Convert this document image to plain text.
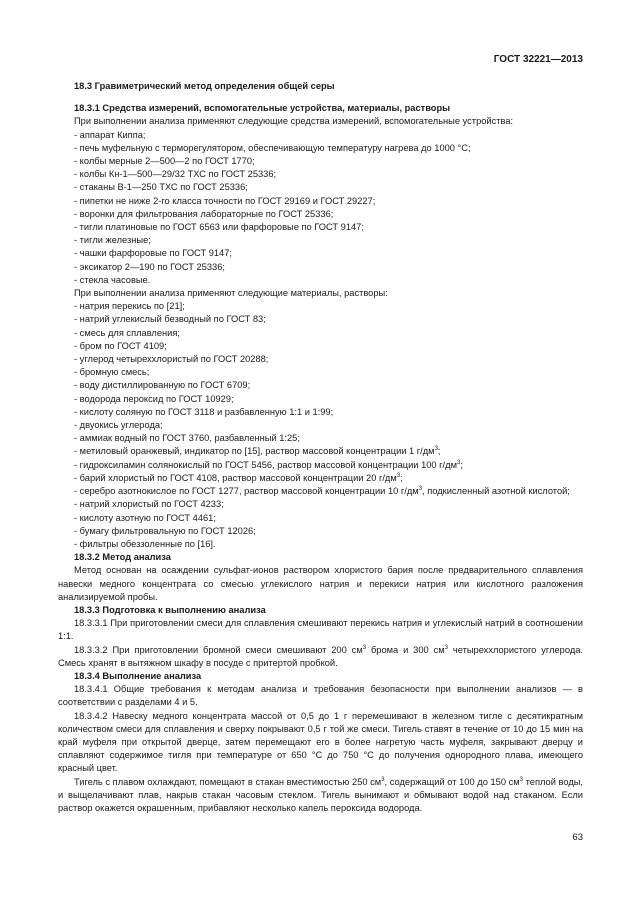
ГОСТ 32221—2013
18.3 Гравиметрический метод определения общей серы
18.3.1 Средства измерений, вспомогательные устройства, материалы, растворы
При выполнении анализа применяют следующие средства измерений, вспомогательные устройства:
- аппарат Киппа;
- печь муфельную с терморегулятором, обеспечивающую температуру нагрева до 1000 °С;
- колбы мерные 2—500—2 по ГОСТ 1770;
- колбы Кн-1—500—29/32 ТХС по ГОСТ 25336;
- стаканы В-1—250 ТХС по ГОСТ 25336;
- пипетки не ниже 2-го класса точности по ГОСТ 29169 и ГОСТ 29227;
- воронки для фильтрования лабораторные по ГОСТ 25336;
- тигли платиновые по ГОСТ 6563 или фарфоровые по ГОСТ 9147;
- тигли железные;
- чашки фарфоровые по ГОСТ 9147;
- эксикатор 2—190 по ГОСТ 25336;
- стекла часовые.
При выполнении анализа применяют следующие материалы, растворы:
- натрия перекись по [21];
- натрий углекислый безводный по ГОСТ 83;
- смесь для сплавления;
- бром по ГОСТ 4109;
- углерод четыреххлористый по ГОСТ 20288;
- бромную смесь;
- воду дистиллированную по ГОСТ 6709;
- водорода пероксид по ГОСТ 10929;
- кислоту соляную по ГОСТ 3118 и разбавленную 1:1 и 1:99;
- двуокись углерода;
- аммиак водный по ГОСТ 3760, разбавленный 1:25;
- метиловый оранжевый, индикатор по [15], раствор массовой концентрации 1 $г/дм^3$;
- гидроксиламин солянокислый по ГОСТ 5456, раствор массовой концентрации 100 $г/дм^3$;
- барий хлористый по ГОСТ 4108, раствор массовой концентрации 20 $г/дм^3$;
- серебро азотнокислое по ГОСТ 1277, раствор массовой концентрации 10 $г/дм^3$, подкисленный азотной кислотой;
- натрий хлористый по ГОСТ 4233;
- кислоту азотную по ГОСТ 4461;
- бумагу фильтровальную по ГОСТ 12026;
- фильтры обеззоленные по [16].
18.3.2 Метод анализа
Метод основан на осаждении сульфат-ионов раствором хлористого бария после предварительного сплавления навески медного концентрата со смесью углекислого натрия и перекиси натрия или кислотного разложения анализируемой пробы.
18.3.3 Подготовка к выполнению анализа
18.3.3.1 При приготовлении смеси для сплавления смешивают перекись натрия и углекислый натрий в соотношении 1:1.
18.3.3.2 При приготовлении бромной смеси смешивают 200 $см^3$ брома и 300 $см^3$ четыреххлористого углерода. Смесь хранят в вытяжном шкафу в посуде с притертой пробкой.
18.3.4 Выполнение анализа
18.3.4.1 Общие требования к методам анализа и требования безопасности при выполнении анализов — в соответствии с разделами 4 и 5.
18.3.4.2 Навеску медного концентрата массой от 0,5 до 1 г перемешивают в железном тигле с десятикратным количеством смеси для сплавления и сверху покрывают 0,5 г той же смеси. Тигель ставят в течение от 10 до 15 мин на край муфеля при открытой дверце, затем перемещают его в более нагретую часть муфеля, закрывают дверцу и сплавляют содержимое тигля при температуре от 650 °С до 750 °С до получения однородного плава, имеющего красный цвет.
Тигель с плавом охлаждают, помещают в стакан вместимостью 250 $см^3$, содержащий от 100 до 150 $см^3$ теплой воды, и выщелачивают плав, накрыв стакан часовым стеклом. Тигель вынимают и обмывают водой над стаканом. Если раствор окажется окрашенным, прибавляют несколько капель пероксида водорода.
63
